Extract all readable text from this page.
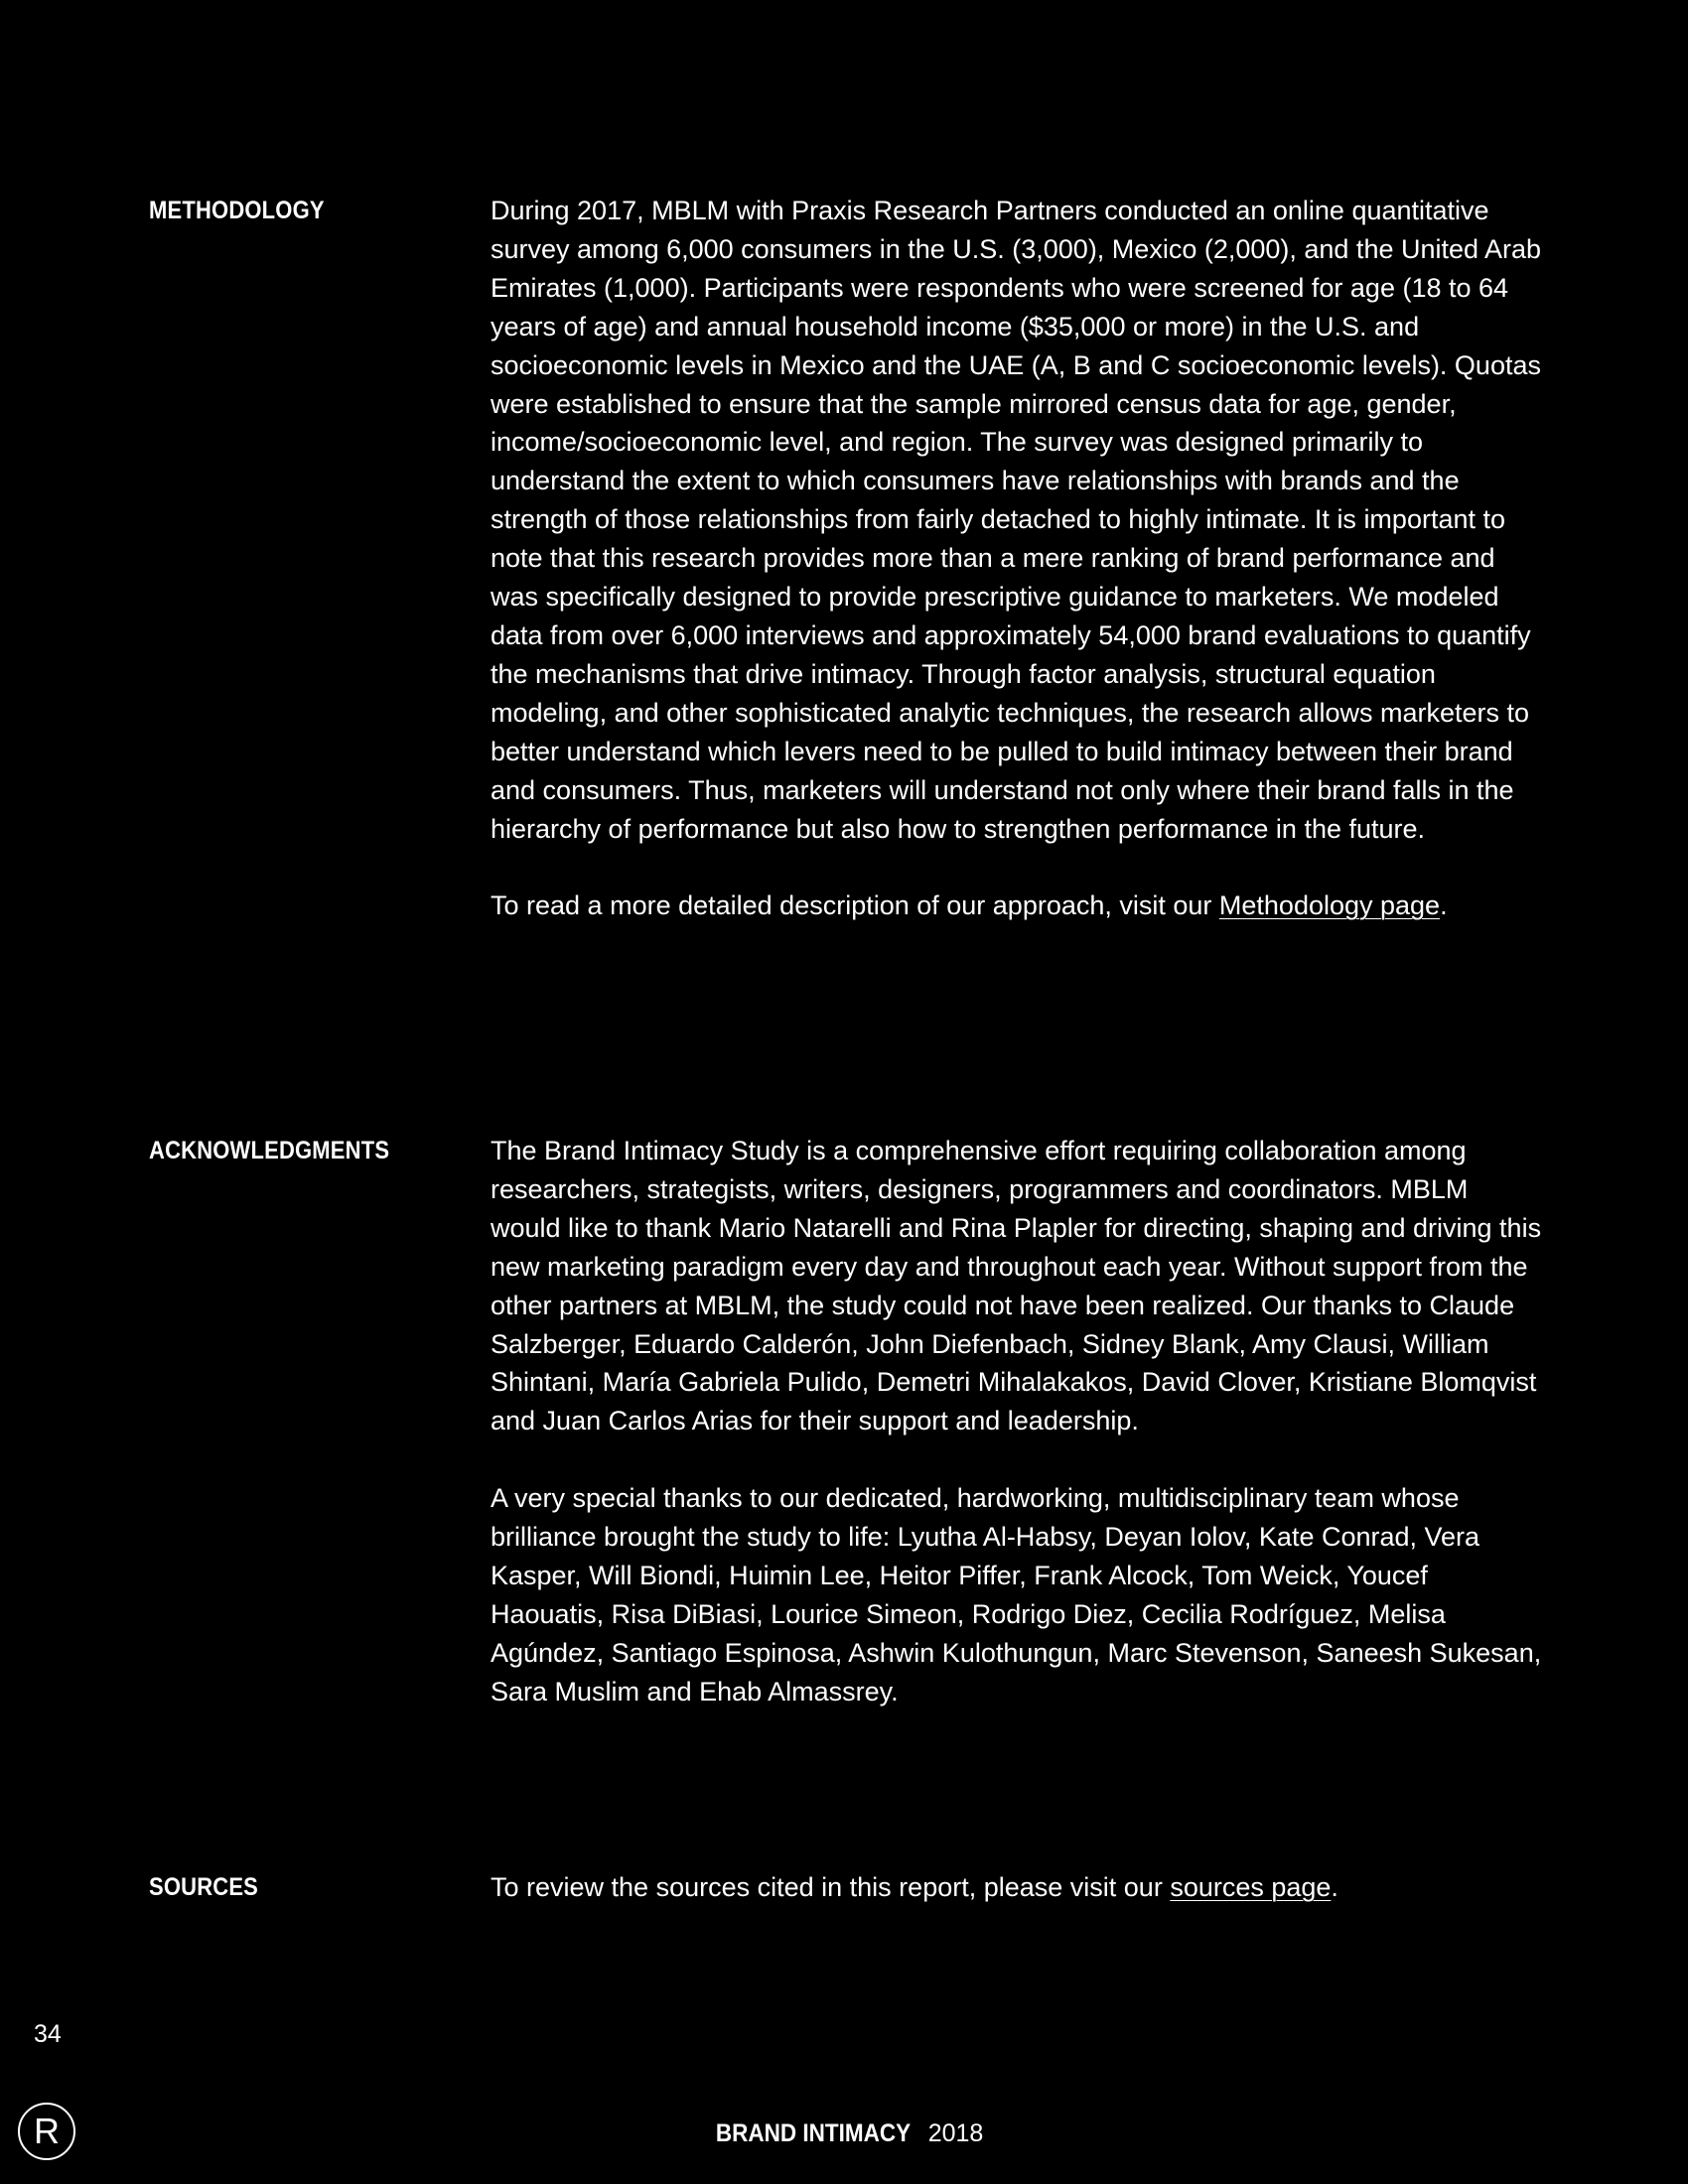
METHODOLOGY	During 2017, MBLM with Praxis Research Partners conducted an online quantitative survey among 6,000 consumers in the U.S. (3,000), Mexico (2,000), and the United Arab Emirates (1,000). Participants were respondents who were screened for age (18 to 64 years of age) and annual household income ($35,000 or more) in the U.S. and socioeconomic levels in Mexico and the UAE (A, B and C socioeconomic levels). Quotas were established to ensure that the sample mirrored census data for age, gender, income/socioeconomic level, and region. The survey was designed primarily to understand the extent to which consumers have relationships with brands and the strength of those relationships from fairly detached to highly intimate. It is important to note that this research provides more than a mere ranking of brand performance and was specifically designed to provide prescriptive guidance to marketers. We modeled data from over 6,000 interviews and approximately 54,000 brand evaluations to quantify the mechanisms that drive intimacy. Through factor analysis, structural equation modeling, and other sophisticated analytic techniques, the research allows marketers to better understand which levers need to be pulled to build intimacy between their brand and consumers. Thus, marketers will understand not only where their brand falls in the hierarchy of performance but also how to strengthen performance in the future.

To read a more detailed description of our approach, visit our Methodology page.

ACKNOWLEDGMENTS	The Brand Intimacy Study is a comprehensive effort requiring collaboration among researchers, strategists, writers, designers, programmers and coordinators. MBLM would like to thank Mario Natarelli and Rina Plapler for directing, shaping and driving this new marketing paradigm every day and throughout each year. Without support from the other partners at MBLM, the study could not have been realized. Our thanks to Claude Salzberger, Eduardo Calderón, John Diefenbach, Sidney Blank, Amy Clausi, William Shintani, María Gabriela Pulido, Demetri Mihalakakos, David Clover, Kristiane Blomqvist and Juan Carlos Arias for their support and leadership.

A very special thanks to our dedicated, hardworking, multidisciplinary team whose brilliance brought the study to life: Lyutha Al-Habsy, Deyan Iolov, Kate Conrad, Vera Kasper, Will Biondi, Huimin Lee, Heitor Piffer, Frank Alcock, Tom Weick, Youcef Haouatis, Risa DiBiasi, Lourice Simeon, Rodrigo Diez, Cecilia Rodríguez, Melisa Agúndez, Santiago Espinosa, Ashwin Kulothungun, Marc Stevenson, Saneesh Sukesan, Sara Muslim and Ehab Almassrey.

SOURCES	To review the sources cited in this report, please visit our sources page.

34
R	BRAND INTIMACY 2018
